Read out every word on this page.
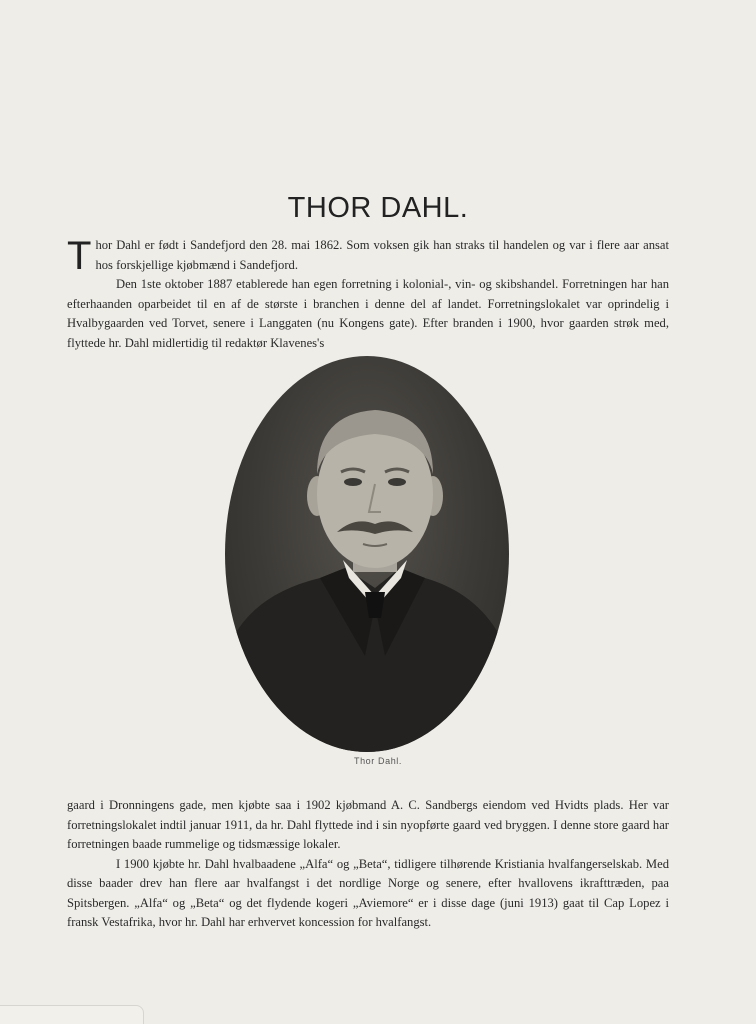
THOR DAHL.

Thor Dahl er født i Sandefjord den 28. mai 1862. Som voksen gik han straks til handelen og var i flere aar ansat hos forskjellige kjøbmænd i Sandefjord.

Den 1ste oktober 1887 etablerede han egen forretning i kolonial-, vin- og skibshandel. Forretningen har han efterhaanden oparbeidet til en af de største i branchen i denne del af landet. Forretningslokalet var oprindelig i Hvalbygaarden ved Torvet, senere i Langgaten (nu Kongens gate). Efter branden i 1900, hvor gaarden strøk med, flyttede hr. Dahl midlertidig til redaktør Klavenes's

Thor Dahl.

gaard i Dronningens gade, men kjøbte saa i 1902 kjøbmand A. C. Sandbergs eiendom ved Hvidts plads. Her var forretningslokalet indtil januar 1911, da hr. Dahl flyttede ind i sin nyopførte gaard ved bryggen. I denne store gaard har forretningen baade rummelige og tidsmæssige lokaler.

I 1900 kjøbte hr. Dahl hvalbaadene „Alfa“ og „Beta“, tidligere tilhørende Kristiania hvalfangerselskab. Med disse baader drev han flere aar hvalfangst i det nordlige Norge og senere, efter hvallovens ikrafttræden, paa Spitsbergen. „Alfa“ og „Beta“ og det flydende kogeri „Aviemore“ er i disse dage (juni 1913) gaat til Cap Lopez i fransk Vestafrika, hvor hr. Dahl har erhvervet koncession for hvalfangst.
